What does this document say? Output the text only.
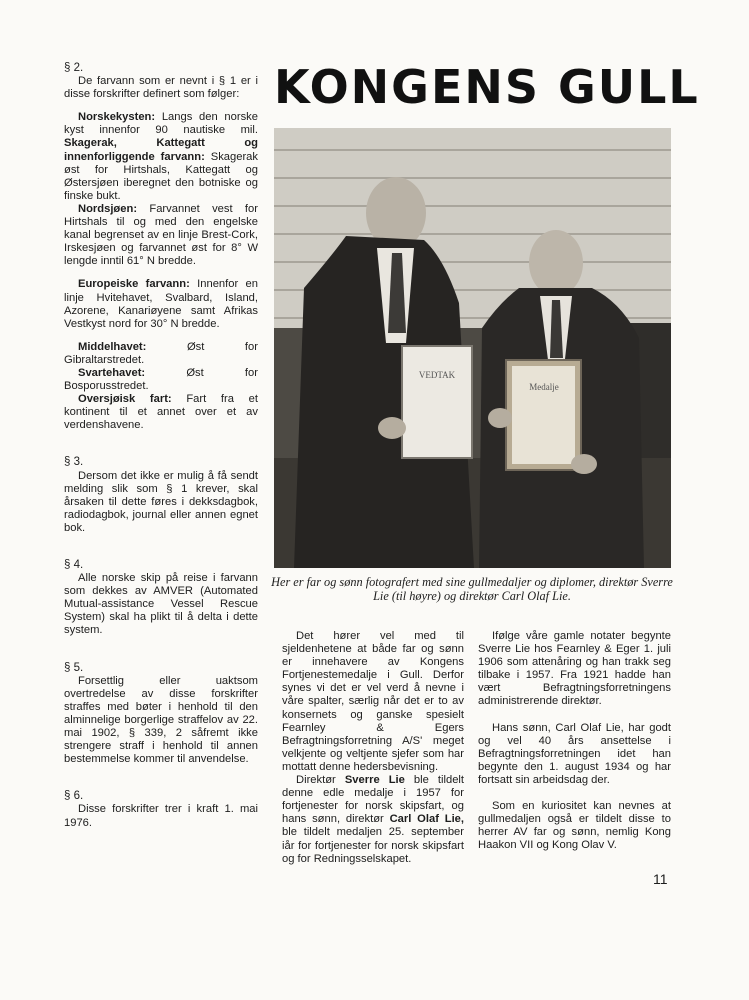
§ 2.

De farvann som er nevnt i § 1 er i disse forskrifter definert som følger:

Norskekysten: Langs den norske kyst innenfor 90 nautiske mil. Skagerak, Kattegatt og innenforliggende farvann: Skagerak øst for Hirtshals, Kattegatt og Østersjøen iberegnet den botniske og finske bukt.

Nordsjøen: Farvannet vest for Hirtshals til og med den engelske kanal begrenset av en linje Brest-Cork, Irskesjøen og farvannet øst for 8° W lengde inntil 61° N bredde.

Europeiske farvann: Innenfor en linje Hvitehavet, Svalbard, Island, Azorene, Kanariøyene samt Afrikas Vestkyst nord for 30° N bredde.

Middelhavet: Øst for Gibraltarstredet.

Svartehavet: Øst for Bosporusstredet.

Oversjøisk fart: Fart fra et kontinent til et annet over et av verdenshavene.

§ 3.

Dersom det ikke er mulig å få sendt melding slik som § 1 krever, skal årsaken til dette føres i dekksdagbok, radiodagbok, journal eller annen egnet bok.

§ 4.

Alle norske skip på reise i farvann som dekkes av AMVER (Automated Mutual-assistance Vessel Rescue System) skal ha plikt til å delta i dette system.

§ 5.

Forsettlig eller uaktsom overtredelse av disse forskrifter straffes med bøter i henhold til den alminnelige borgerlige straffelov av 22. mai 1902, § 339, 2 såfremt ikke strengere straff i henhold til annen bestemmelse kommer til anvendelse.

§ 6.

Disse forskrifter trer i kraft 1. mai 1976.

KONGENS GULL
VEDTAK
Medalje
Her er far og sønn fotografert med sine gullmedaljer og diplomer, direktør Sverre Lie (til høyre) og direktør Carl Olaf Lie.

Det hører vel med til sjeldenhetene at både far og sønn er innehavere av Kongens Fortjenestemedalje i Gull. Derfor synes vi det er vel verd å nevne i våre spalter, særlig når det er to av konsernets og ganske spesielt Fearnley & Egers Befragtningsforretning A/S' meget velkjente og veltjente sjefer som har mottatt denne hedersbevisning.

Direktør Sverre Lie ble tildelt denne edle medalje i 1957 for fortjenester for norsk skipsfart, og hans sønn, direktør Carl Olaf Lie, ble tildelt medaljen 25. september iår for fortjenester for norsk skipsfart og for Redningsselskapet.

Ifølge våre gamle notater begynte Sverre Lie hos Fearnley & Eger 1. juli 1906 som attenåring og han trakk seg tilbake i 1957. Fra 1921 hadde han vært Befragtningsforretningens administrerende direktør.

Hans sønn, Carl Olaf Lie, har godt og vel 40 års ansettelse i Befragtningsforretningen idet han begynte den 1. august 1934 og har fortsatt sin arbeidsdag der.

Som en kuriositet kan nevnes at gullmedaljen også er tildelt disse to herrer AV far og sønn, nemlig Kong Haakon VII og Kong Olav V.

11
